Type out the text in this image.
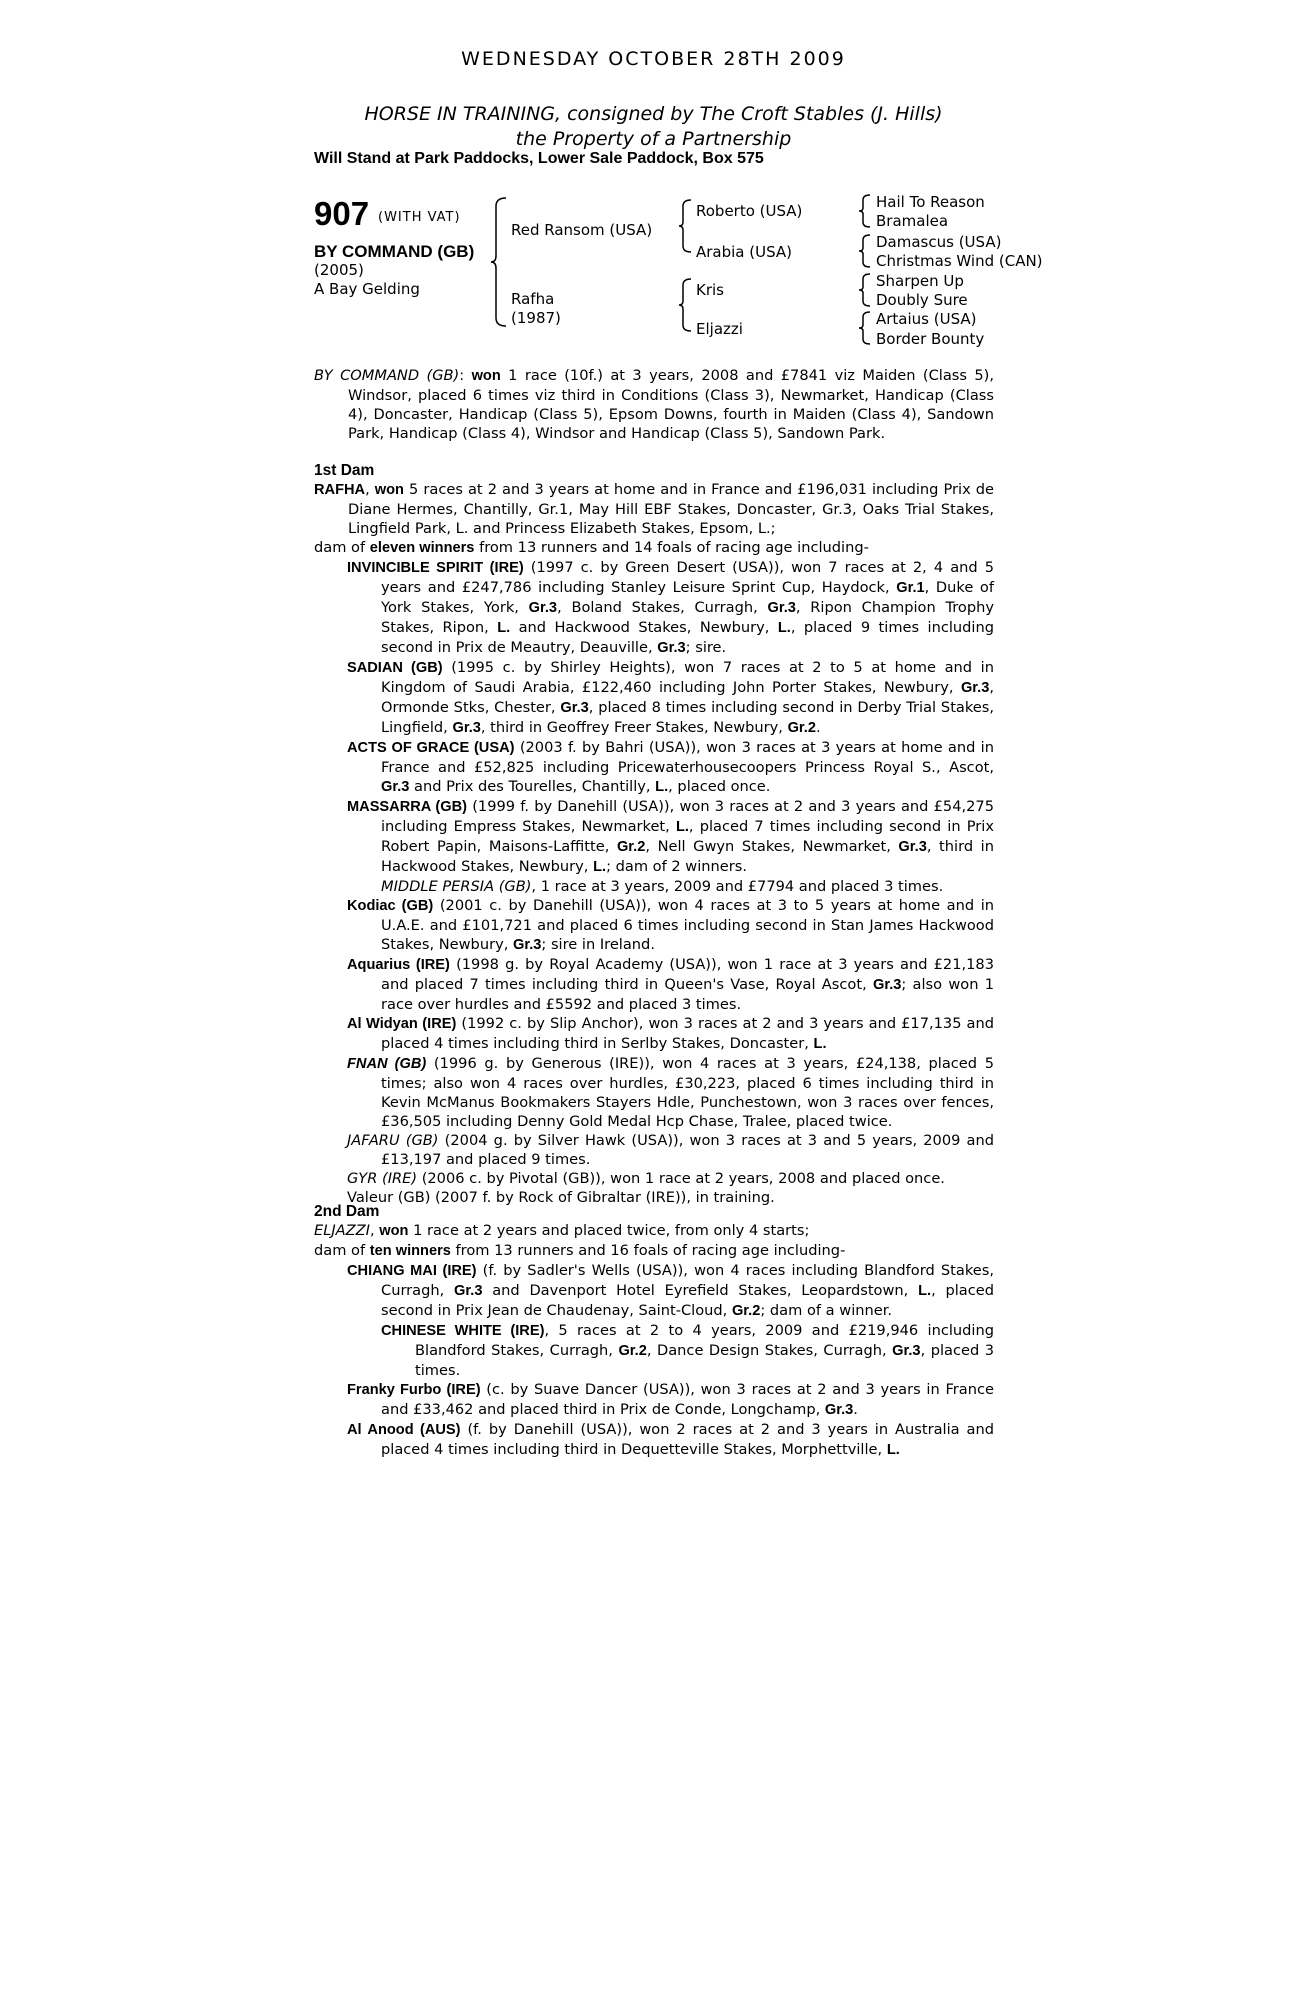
WEDNESDAY OCTOBER 28TH 2009
HORSE IN TRAINING, consigned by The Croft Stables (J. Hills)
the Property of a Partnership
Will Stand at Park Paddocks, Lower Sale Paddock, Box 575
907 (WITH VAT)
BY COMMAND (GB)
(2005)
A Bay Gelding
Red Ransom (USA)
Rafha
(1987)
Roberto (USA)
Arabia (USA)
Kris
Eljazzi
Hail To Reason
Bramalea
Damascus (USA)
Christmas Wind (CAN)
Sharpen Up
Doubly Sure
Artaius (USA)
Border Bounty

BY COMMAND (GB): won 1 race (10f.) at 3 years, 2008 and £7841 viz Maiden (Class 5), Windsor, placed 6 times viz third in Conditions (Class 3), Newmarket, Handicap (Class 4), Doncaster, Handicap (Class 5), Epsom Downs, fourth in Maiden (Class 4), Sandown Park, Handicap (Class 4), Windsor and Handicap (Class 5), Sandown Park.

1st Dam

RAFHA, won 5 races at 2 and 3 years at home and in France and £196,031 including Prix de Diane Hermes, Chantilly, Gr.1, May Hill EBF Stakes, Doncaster, Gr.3, Oaks Trial Stakes, Lingfield Park, L. and Princess Elizabeth Stakes, Epsom, L.;

dam of eleven winners from 13 runners and 14 foals of racing age including-

INVINCIBLE SPIRIT (IRE) (1997 c. by Green Desert (USA)), won 7 races at 2, 4 and 5 years and £247,786 including Stanley Leisure Sprint Cup, Haydock, Gr.1, Duke of York Stakes, York, Gr.3, Boland Stakes, Curragh, Gr.3, Ripon Champion Trophy Stakes, Ripon, L. and Hackwood Stakes, Newbury, L., placed 9 times including second in Prix de Meautry, Deauville, Gr.3; sire.

SADIAN (GB) (1995 c. by Shirley Heights), won 7 races at 2 to 5 at home and in Kingdom of Saudi Arabia, £122,460 including John Porter Stakes, Newbury, Gr.3, Ormonde Stks, Chester, Gr.3, placed 8 times including second in Derby Trial Stakes, Lingfield, Gr.3, third in Geoffrey Freer Stakes, Newbury, Gr.2.

ACTS OF GRACE (USA) (2003 f. by Bahri (USA)), won 3 races at 3 years at home and in France and £52,825 including Pricewaterhousecoopers Princess Royal S., Ascot, Gr.3 and Prix des Tourelles, Chantilly, L., placed once.

MASSARRA (GB) (1999 f. by Danehill (USA)), won 3 races at 2 and 3 years and £54,275 including Empress Stakes, Newmarket, L., placed 7 times including second in Prix Robert Papin, Maisons-Laffitte, Gr.2, Nell Gwyn Stakes, Newmarket, Gr.3, third in Hackwood Stakes, Newbury, L.; dam of 2 winners.

MIDDLE PERSIA (GB), 1 race at 3 years, 2009 and £7794 and placed 3 times.

Kodiac (GB) (2001 c. by Danehill (USA)), won 4 races at 3 to 5 years at home and in U.A.E. and £101,721 and placed 6 times including second in Stan James Hackwood Stakes, Newbury, Gr.3; sire in Ireland.

Aquarius (IRE) (1998 g. by Royal Academy (USA)), won 1 race at 3 years and £21,183 and placed 7 times including third in Queen's Vase, Royal Ascot, Gr.3; also won 1 race over hurdles and £5592 and placed 3 times.

Al Widyan (IRE) (1992 c. by Slip Anchor), won 3 races at 2 and 3 years and £17,135 and placed 4 times including third in Serlby Stakes, Doncaster, L.

FNAN (GB) (1996 g. by Generous (IRE)), won 4 races at 3 years, £24,138, placed 5 times; also won 4 races over hurdles, £30,223, placed 6 times including third in Kevin McManus Bookmakers Stayers Hdle, Punchestown, won 3 races over fences, £36,505 including Denny Gold Medal Hcp Chase, Tralee, placed twice.

JAFARU (GB) (2004 g. by Silver Hawk (USA)), won 3 races at 3 and 5 years, 2009 and £13,197 and placed 9 times.

GYR (IRE) (2006 c. by Pivotal (GB)), won 1 race at 2 years, 2008 and placed once.

Valeur (GB) (2007 f. by Rock of Gibraltar (IRE)), in training.

2nd Dam

ELJAZZI, won 1 race at 2 years and placed twice, from only 4 starts;

dam of ten winners from 13 runners and 16 foals of racing age including-

CHIANG MAI (IRE) (f. by Sadler's Wells (USA)), won 4 races including Blandford Stakes, Curragh, Gr.3 and Davenport Hotel Eyrefield Stakes, Leopardstown, L., placed second in Prix Jean de Chaudenay, Saint-Cloud, Gr.2; dam of a winner.

CHINESE WHITE (IRE), 5 races at 2 to 4 years, 2009 and £219,946 including Blandford Stakes, Curragh, Gr.2, Dance Design Stakes, Curragh, Gr.3, placed 3 times.

Franky Furbo (IRE) (c. by Suave Dancer (USA)), won 3 races at 2 and 3 years in France and £33,462 and placed third in Prix de Conde, Longchamp, Gr.3.

Al Anood (AUS) (f. by Danehill (USA)), won 2 races at 2 and 3 years in Australia and placed 4 times including third in Dequetteville Stakes, Morphettville, L.
